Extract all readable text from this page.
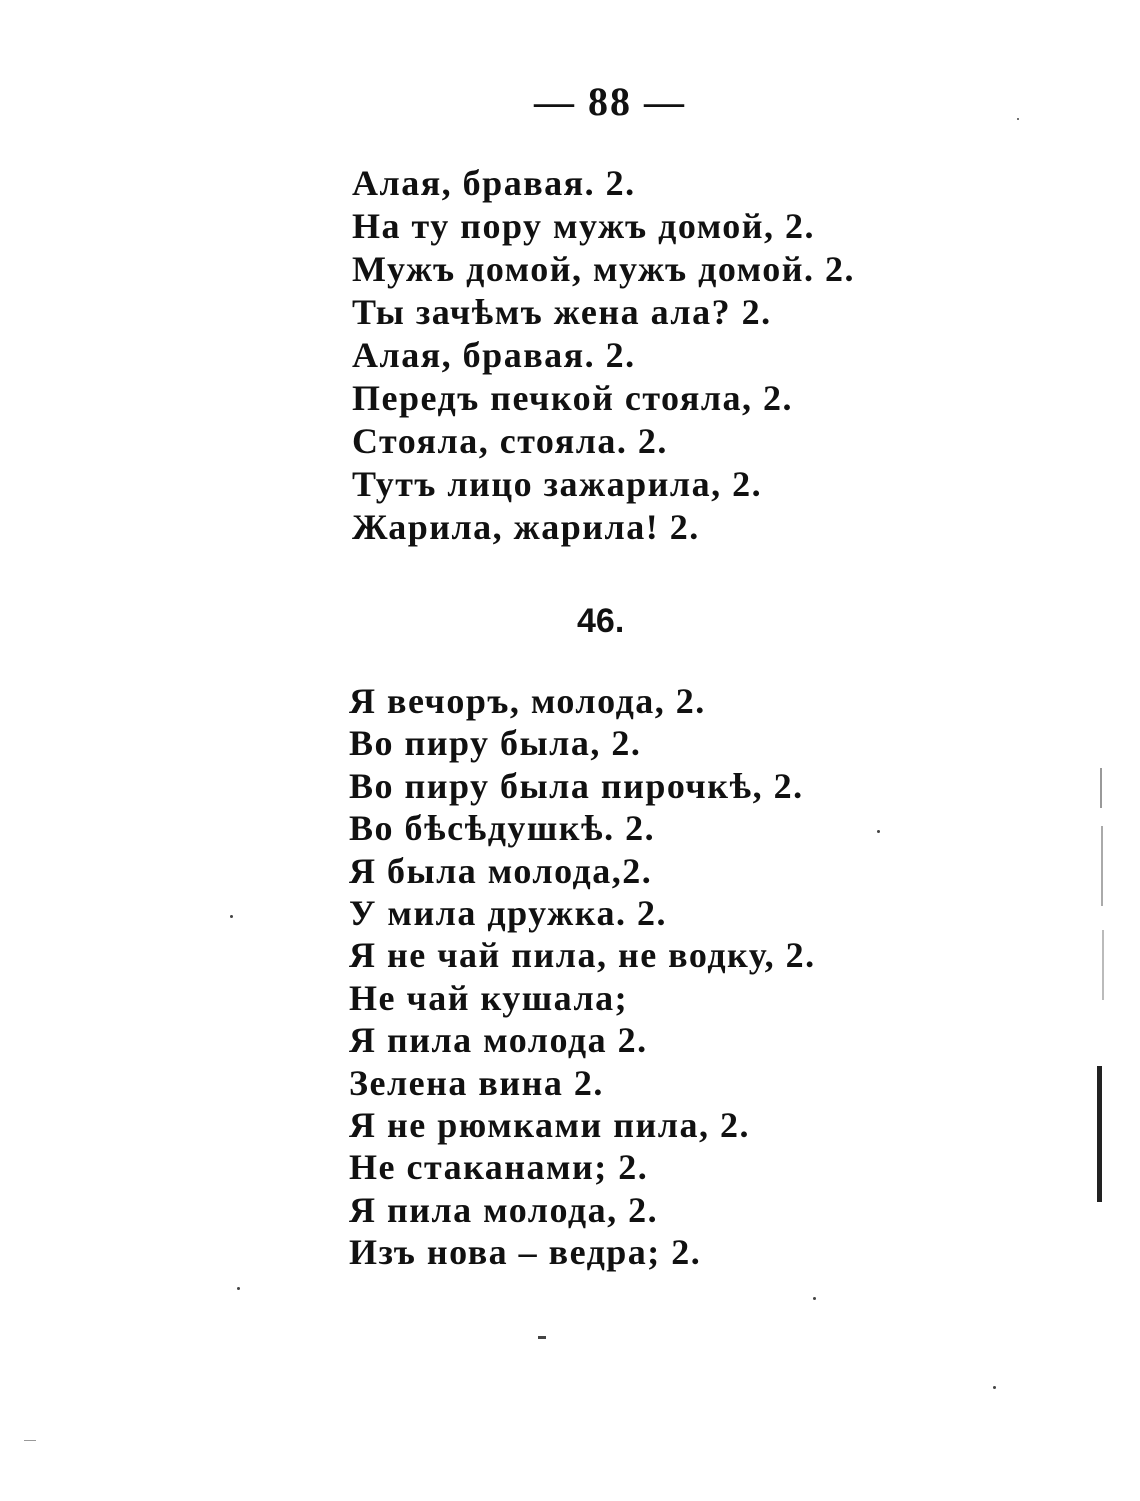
— 88 —
Алая, бравая. 2.
На ту пору мужъ домой, 2.
Мужъ домой, мужъ домой. 2.
Ты зачѣмъ жена ала? 2.
Алая, бравая. 2.
Передъ печкой стояла, 2.
Стояла, стояла. 2.
Тутъ лицо зажарила, 2.
Жарила, жарила! 2.
46.
Я вечоръ, молода, 2.
Во пиру была, 2.
Во пиру была пирочкѣ, 2.
Во бѣсѣдушкѣ. 2.
Я была молода,2.
У мила дружка. 2.
Я не чай пила, не водку, 2.
Не чай кушала;
Я пила молода 2.
Зелена вина 2.
Я не рюмками пила, 2.
Не стаканами; 2.
Я пила молода, 2.
Изъ нова – ведра; 2.
